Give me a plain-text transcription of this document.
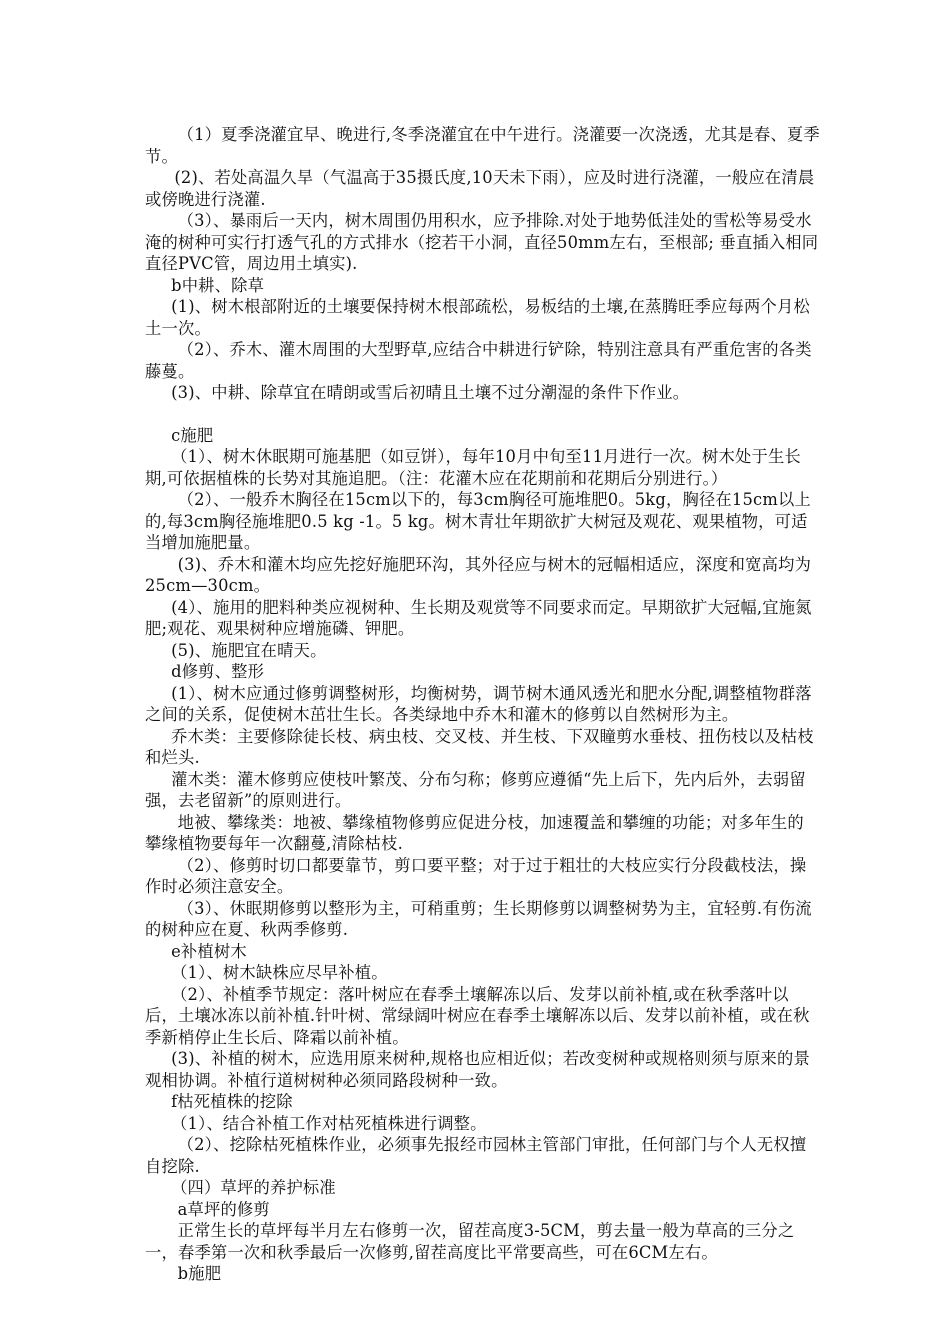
（1）夏季浇灌宜早、晚进行,冬季浇灌宜在中午进行。浇灌要一次浇透，尤其是春、夏季节。

(2)、若处高温久旱（气温高于35摄氏度,10天未下雨），应及时进行浇灌，一般应在清晨或傍晚进行浇灌.

（3）、暴雨后一天内，树木周围仍用积水，应予排除.对处于地势低洼处的雪松等易受水淹的树种可实行打透气孔的方式排水（挖若干小洞，直径50mm左右，至根部; 垂直插入相同直径PVC管，周边用土填实).

b中耕、除草

(1)、树木根部附近的土壤要保持树木根部疏松，易板结的土壤,在蒸腾旺季应每两个月松土一次。

（2）、乔木、灌木周围的大型野草,应结合中耕进行铲除，特别注意具有严重危害的各类藤蔓。

(3)、中耕、除草宜在晴朗或雪后初晴且土壤不过分潮湿的条件下作业。

c施肥

（1）、树木休眠期可施基肥（如豆饼），每年10月中旬至11月进行一次。树木处于生长期,可依据植株的长势对其施追肥。（注：花灌木应在花期前和花期后分别进行。）

（2）、一般乔木胸径在15cm以下的，每3cm胸径可施堆肥0。5kg，胸径在15cm以上的,每3cm胸径施堆肥0.5 kg -1。5 kg。树木青壮年期欲扩大树冠及观花、观果植物，可适当增加施肥量。

(3)、乔木和灌木均应先挖好施肥环沟，其外径应与树木的冠幅相适应，深度和宽高均为25cm—30cm。

(4）、施用的肥料种类应视树种、生长期及观赏等不同要求而定。早期欲扩大冠幅,宜施氮肥;观花、观果树种应增施磷、钾肥。

(5)、施肥宜在晴天。

d修剪、整形

(1）、树木应通过修剪调整树形，均衡树势，调节树木通风透光和肥水分配,调整植物群落之间的关系，促使树木茁壮生长。各类绿地中乔木和灌木的修剪以自然树形为主。

乔木类：主要修除徒长枝、病虫枝、交叉枝、并生枝、下双瞳剪水垂枝、扭伤枝以及枯枝和烂头.

灌木类：灌木修剪应使枝叶繁茂、分布匀称；修剪应遵循“先上后下，先内后外，去弱留强，去老留新”的原则进行。

地被、攀缘类：地被、攀缘植物修剪应促进分枝，加速覆盖和攀缠的功能；对多年生的攀缘植物要每年一次翻蔓,清除枯枝.

（2）、修剪时切口都要靠节，剪口要平整；对于过于粗壮的大枝应实行分段截枝法，操作时必须注意安全。

（3）、休眠期修剪以整形为主，可稍重剪；生长期修剪以调整树势为主，宜轻剪.有伤流的树种应在夏、秋两季修剪.

e补植树木

（1）、树木缺株应尽早补植。

（2）、补植季节规定：落叶树应在春季土壤解冻以后、发芽以前补植,或在秋季落叶以后，土壤冰冻以前补植.针叶树、常绿阔叶树应在春季土壤解冻以后、发芽以前补植，或在秋季新梢停止生长后、降霜以前补植。

(3)、补植的树木，应选用原来树种,规格也应相近似；若改变树种或规格则须与原来的景观相协调。补植行道树树种必须同路段树种一致。

f枯死植株的挖除

（1）、结合补植工作对枯死植株进行调整。

（2）、挖除枯死植株作业，必须事先报经市园林主管部门审批，任何部门与个人无权擅自挖除.

（四）草坪的养护标准

a草坪的修剪

正常生长的草坪每半月左右修剪一次，留茬高度3-5CM，剪去量一般为草高的三分之一，春季第一次和秋季最后一次修剪,留茬高度比平常要高些，可在6CM左右。

b施肥
